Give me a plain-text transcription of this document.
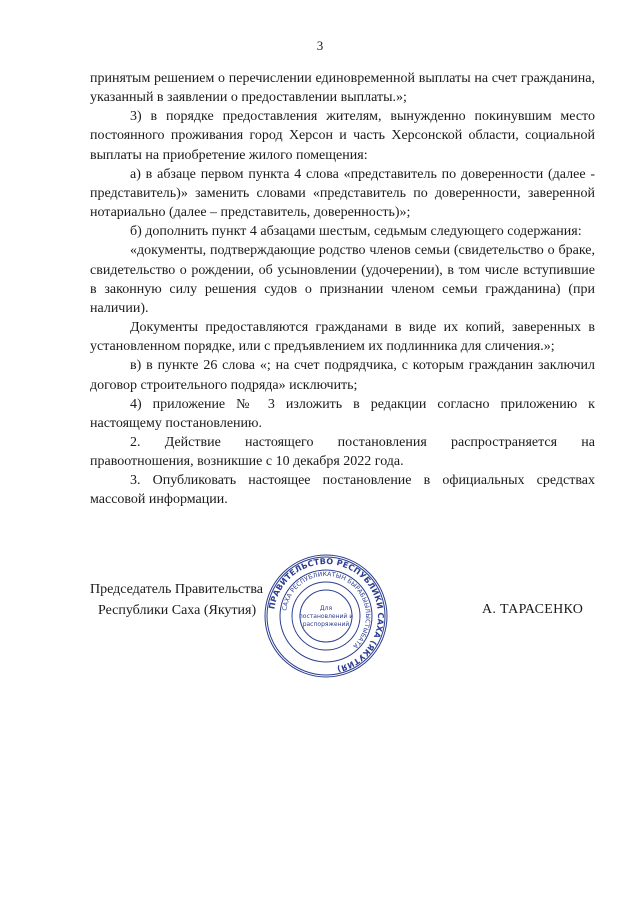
3

принятым решением о перечислении единовременной выплаты на счет гражданина, указанный в заявлении о предоставлении выплаты.»;

3) в порядке предоставления жителям, вынужденно покинувшим место постоянного проживания город Херсон и часть Херсонской области, социальной выплаты на приобретение жилого помещения:

а) в абзаце первом пункта 4 слова «представитель по доверенности (далее - представитель)» заменить словами «представитель по доверенности, заверенной нотариально (далее – представитель, доверенность)»;

б) дополнить пункт 4 абзацами шестым, седьмым следующего содержания:

«документы, подтверждающие родство членов семьи (свидетельство о браке, свидетельство о рождении, об усыновлении (удочерении), в том числе вступившие в законную силу решения судов о признании членом семьи гражданина) (при наличии).

Документы предоставляются гражданами в виде их копий, заверенных в установленном порядке, или с предъявлением их подлинника для сличения.»;

в) в пункте 26 слова «; на счет подрядчика, с которым гражданин заключил договор строительного подряда» исключить;

4) приложение № 3 изложить в редакции согласно приложению к настоящему постановлению.

2. Действие настоящего постановления распространяется на правоотношения, возникшие с 10 декабря 2022 года.

3. Опубликовать настоящее постановление в официальных средствах массовой информации.

Председатель Правительства
Республики Саха (Якутия)	А. ТАРАСЕНКО
ПРАВИТЕЛЬСТВО РЕСПУБЛИКИ САХА (ЯКУТИЯ)
САХА РЕСПУБЛИКАТЫН БЫРАБЫЫЛЫСТЫБАТА
Для
постановлений и
распоряжений
